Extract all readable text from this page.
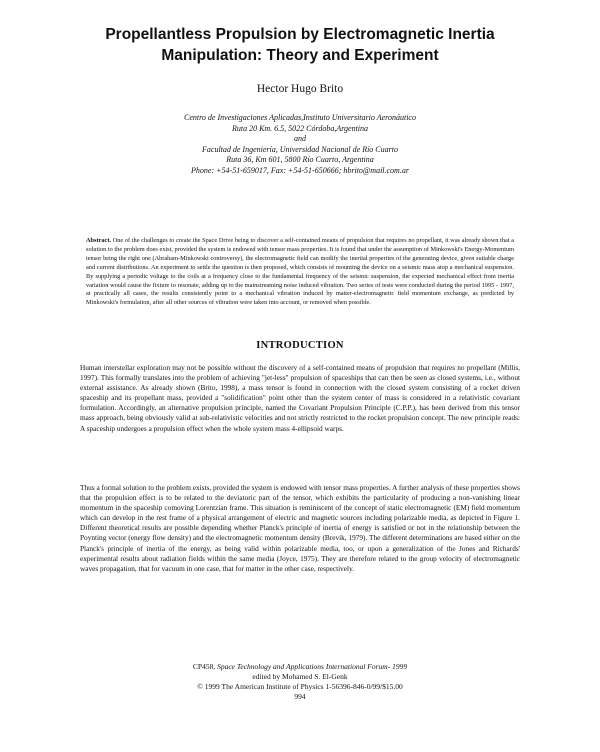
Propellantless Propulsion by Electromagnetic Inertia
Manipulation: Theory and Experiment
Hector Hugo Brito
Centro de Investigaciones Aplicadas,Instituto Universitario Aeronáutico
Ruta 20 Km. 6.5, 5022 Córdoba,Argentina
and
Facultad de Ingeniería, Universidad Nacional de Río Cuarto
Ruta 36, Km 601, 5800 Río Cuarto, Argentina
Phone: +54-51-659017, Fax: +54-51-650666; hbrito@mail.com.ar
Abstract. One of the challenges to create the Space Drive being to discover a self-contained means of propulsion that requires no propellant, it was already shown that a solution to the problem does exist, provided the system is endowed with tensor mass properties. It is found that under the assumption of Minkowski's Energy-Momentum tensor being the right one (Abraham-Minkowski controversy), the electromagnetic field can modify the inertial properties of the generating device, given suitable charge and current distributions. An experiment to settle the question is then proposed, which consists of mounting the device on a seismic mass atop a mechanical suspension. By supplying a periodic voltage to the coils at a frequency close to the fundamental frequency of the seismic suspension, the expected mechanical effect from inertia variation would cause the fixture to resonate, adding up to the mainstreaming noise induced vibration. Two series of tests were conducted during the period 1995 - 1997, at practically all cases, the results consistently point to a mechanical vibration induced by matter-electromagnetic field momentum exchange, as predicted by Minkowski's formulation, after all other sources of vibration were taken into account, or removed when possible.
INTRODUCTION
Human interstellar exploration may not be possible without the discovery of a self-contained means of propulsion that requires no propellant (Millis, 1997). This formally translates into the problem of achieving "jet-less" propulsion of spaceships that can then be seen as closed systems, i.e., without external assistance. As already shown (Brito, 1998), a mass tensor is found in connection with the closed system consisting of a rocket driven spaceship and its propellant mass, provided a "solidification" point other than the system center of mass is considered in a relativistic covariant formulation. Accordingly, an alternative propulsion principle, named the Covariant Propulsion Principle (C.P.P.), has been derived from this tensor mass approach, being obviously valid at sub-relativistic velocities and not strictly restricted to the rocket propulsion concept. The new principle reads: A spaceship undergoes a propulsion effect when the whole system mass 4-ellipsoid warps.
Thus a formal solution to the problem exists, provided the system is endowed with tensor mass properties. A further analysis of these properties shows that the propulsion effect is to be related to the deviatoric part of the tensor, which exhibits the particularity of producing a non-vanishing linear momentum in the spaceship comoving Lorentzian frame. This situation is reminiscent of the concept of static electromagnetic (EM) field momentum which can develop in the rest frame of a physical arrangement of electric and magnetic sources including polarizable media, as depicted in Figure 1. Different theoretical results are possible depending whether Planck's principle of inertia of energy is satisfied or not in the relationship between the Poynting vector (energy flow density) and the electromagnetic momentum density (Brevik, 1979). The different determinations are based either on the Planck's principle of inertia of the energy, as being valid within polarizable media, too, or upon a generalization of the Jones and Richards' experimental results about radiation fields within the same media (Joyce, 1975). They are therefore related to the group velocity of electromagnetic waves propagation, that for vacuum in one case, that for matter in the other case, respectively.
CP458, Space Technology and Applications International Forum- 1999
edited by Mohamed S. El-Genk
© 1999 The American Institute of Physics 1-56396-846-0/99/$15.00
994
